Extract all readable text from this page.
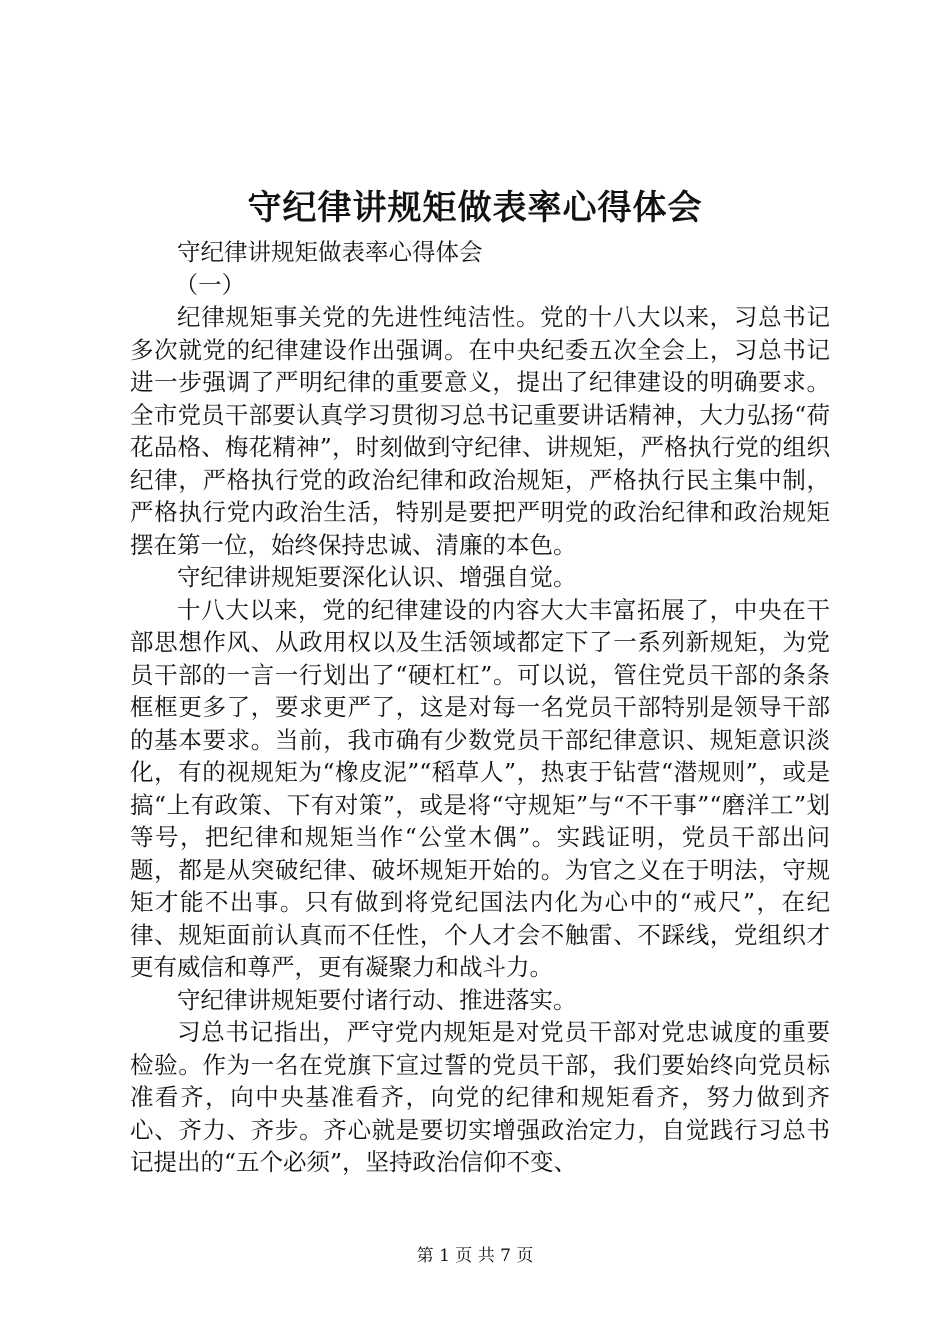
守纪律讲规矩做表率心得体会

守纪律讲规矩做表率心得体会

（一）

纪律规矩事关党的先进性纯洁性。党的十八大以来，习总书记多次就党的纪律建设作出强调。在中央纪委五次全会上，习总书记进一步强调了严明纪律的重要意义，提出了纪律建设的明确要求。全市党员干部要认真学习贯彻习总书记重要讲话精神，大力弘扬“荷花品格、梅花精神”，时刻做到守纪律、讲规矩，严格执行党的组织纪律，严格执行党的政治纪律和政治规矩，严格执行民主集中制，严格执行党内政治生活，特别是要把严明党的政治纪律和政治规矩摆在第一位，始终保持忠诚、清廉的本色。

守纪律讲规矩要深化认识、增强自觉。

十八大以来，党的纪律建设的内容大大丰富拓展了，中央在干部思想作风、从政用权以及生活领域都定下了一系列新规矩，为党员干部的一言一行划出了“硬杠杠”。可以说，管住党员干部的条条框框更多了，要求更严了，这是对每一名党员干部特别是领导干部的基本要求。当前，我市确有少数党员干部纪律意识、规矩意识淡化，有的视规矩为“橡皮泥”“稻草人”，热衷于钻营“潜规则”，或是搞“上有政策、下有对策”，或是将“守规矩”与“不干事”“磨洋工”划等号，把纪律和规矩当作“公堂木偶”。实践证明，党员干部出问题，都是从突破纪律、破坏规矩开始的。为官之义在于明法，守规矩才能不出事。只有做到将党纪国法内化为心中的“戒尺”，在纪律、规矩面前认真而不任性，个人才会不触雷、不踩线，党组织才更有威信和尊严，更有凝聚力和战斗力。

守纪律讲规矩要付诸行动、推进落实。

习总书记指出，严守党内规矩是对党员干部对党忠诚度的重要检验。作为一名在党旗下宣过誓的党员干部，我们要始终向党员标准看齐，向中央基准看齐，向党的纪律和规矩看齐，努力做到齐心、齐力、齐步。齐心就是要切实增强政治定力，自觉践行习总书记提出的“五个必须”，坚持政治信仰不变、

第 1 页 共 7 页
